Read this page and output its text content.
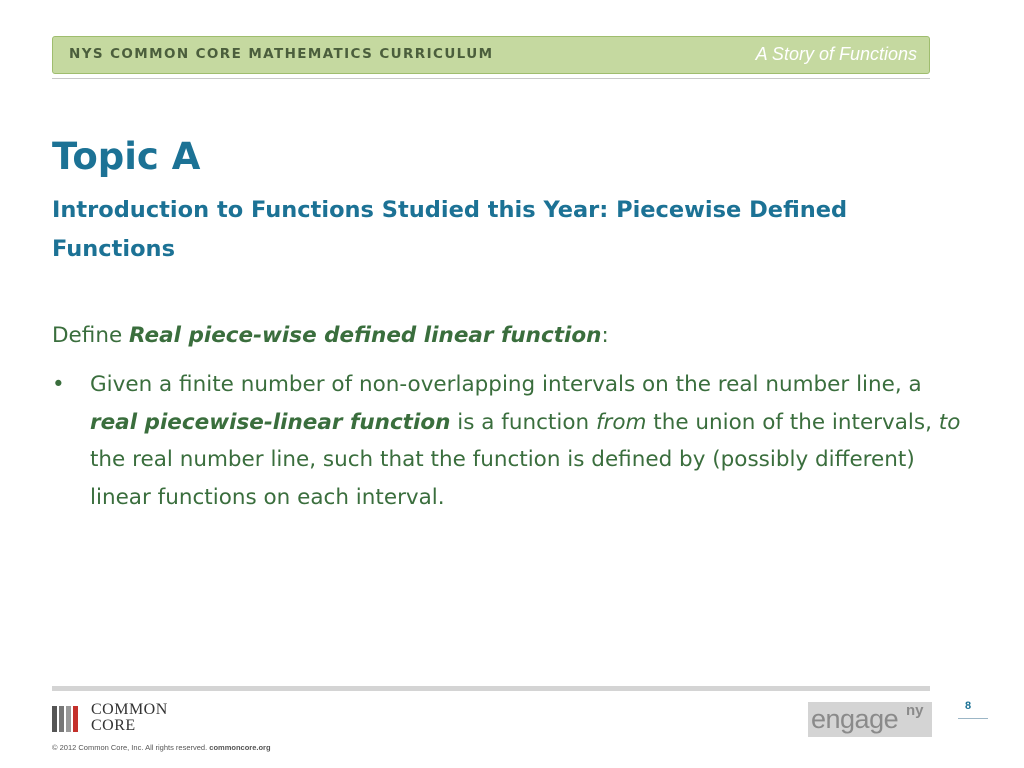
NYS COMMON CORE MATHEMATICS CURRICULUM	A Story of Functions
Topic A
Introduction to Functions Studied this Year: Piecewise Defined Functions
Define Real piece-wise defined linear function:
• Given a finite number of non-overlapping intervals on the real number line, a real piecewise-linear function is a function from the union of the intervals, to the real number line, such that the function is defined by (possibly different) linear functions on each interval.
COMMON
CORE
© 2012 Common Core, Inc. All rights reserved. commoncore.org
engage ny	8
